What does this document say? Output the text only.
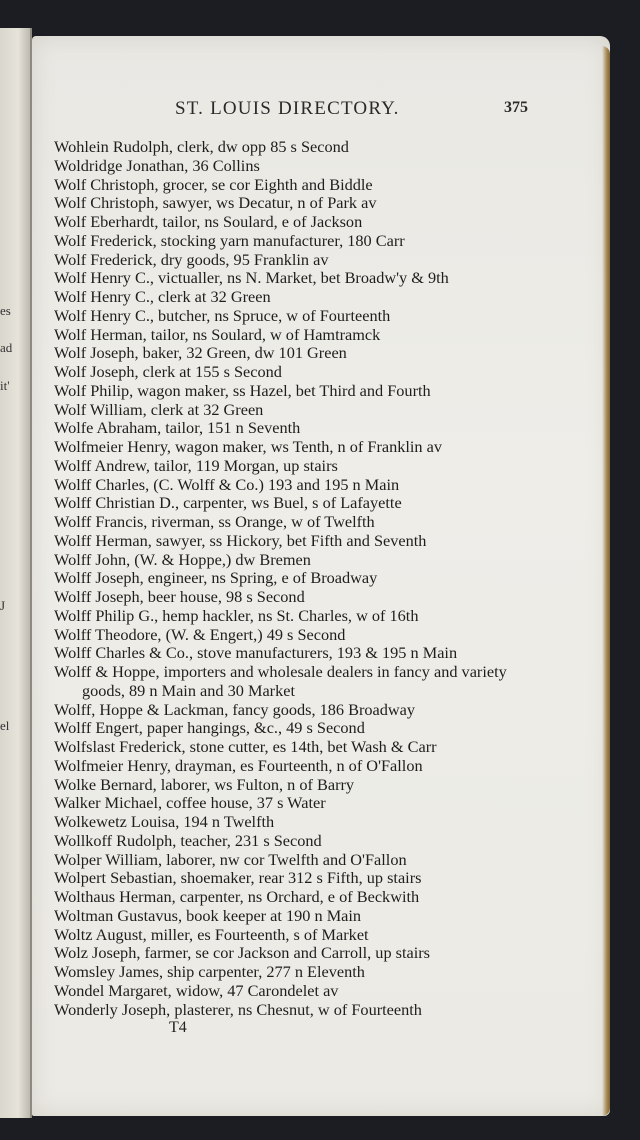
es
ad
it'
J
el
ST. LOUIS DIRECTORY.	375
Wohlein Rudolph, clerk, dw opp 85 s Second
Woldridge Jonathan, 36 Collins
Wolf Christoph, grocer, se cor Eighth and Biddle
Wolf Christoph, sawyer, ws Decatur, n of Park av
Wolf Eberhardt, tailor, ns Soulard, e of Jackson
Wolf Frederick, stocking yarn manufacturer, 180 Carr
Wolf Frederick, dry goods, 95 Franklin av
Wolf Henry C., victualler, ns N. Market, bet Broadw'y & 9th
Wolf Henry C., clerk at 32 Green
Wolf Henry C., butcher, ns Spruce, w of Fourteenth
Wolf Herman, tailor, ns Soulard, w of Hamtramck
Wolf Joseph, baker, 32 Green, dw 101 Green
Wolf Joseph, clerk at 155 s Second
Wolf Philip, wagon maker, ss Hazel, bet Third and Fourth
Wolf William, clerk at 32 Green
Wolfe Abraham, tailor, 151 n Seventh
Wolfmeier Henry, wagon maker, ws Tenth, n of Franklin av
Wolff Andrew, tailor, 119 Morgan, up stairs
Wolff Charles, (C. Wolff & Co.) 193 and 195 n Main
Wolff Christian D., carpenter, ws Buel, s of Lafayette
Wolff Francis, riverman, ss Orange, w of Twelfth
Wolff Herman, sawyer, ss Hickory, bet Fifth and Seventh
Wolff John, (W. & Hoppe,) dw Bremen
Wolff Joseph, engineer, ns Spring, e of Broadway
Wolff Joseph, beer house, 98 s Second
Wolff Philip G., hemp hackler, ns St. Charles, w of 16th
Wolff Theodore, (W. & Engert,) 49 s Second
Wolff Charles & Co., stove manufacturers, 193 & 195 n Main
Wolff & Hoppe, importers and wholesale dealers in fancy and variety goods, 89 n Main and 30 Market
Wolff, Hoppe & Lackman, fancy goods, 186 Broadway
Wolff Engert, paper hangings, &c., 49 s Second
Wolfslast Frederick, stone cutter, es 14th, bet Wash & Carr
Wolfmeier Henry, drayman, es Fourteenth, n of O'Fallon
Wolke Bernard, laborer, ws Fulton, n of Barry
Walker Michael, coffee house, 37 s Water
Wolkewetz Louisa, 194 n Twelfth
Wollkoff Rudolph, teacher, 231 s Second
Wolper William, laborer, nw cor Twelfth and O'Fallon
Wolpert Sebastian, shoemaker, rear 312 s Fifth, up stairs
Wolthaus Herman, carpenter, ns Orchard, e of Beckwith
Woltman Gustavus, book keeper at 190 n Main
Woltz August, miller, es Fourteenth, s of Market
Wolz Joseph, farmer, se cor Jackson and Carroll, up stairs
Womsley James, ship carpenter, 277 n Eleventh
Wondel Margaret, widow, 47 Carondelet av
Wonderly Joseph, plasterer, ns Chesnut, w of Fourteenth
T4
